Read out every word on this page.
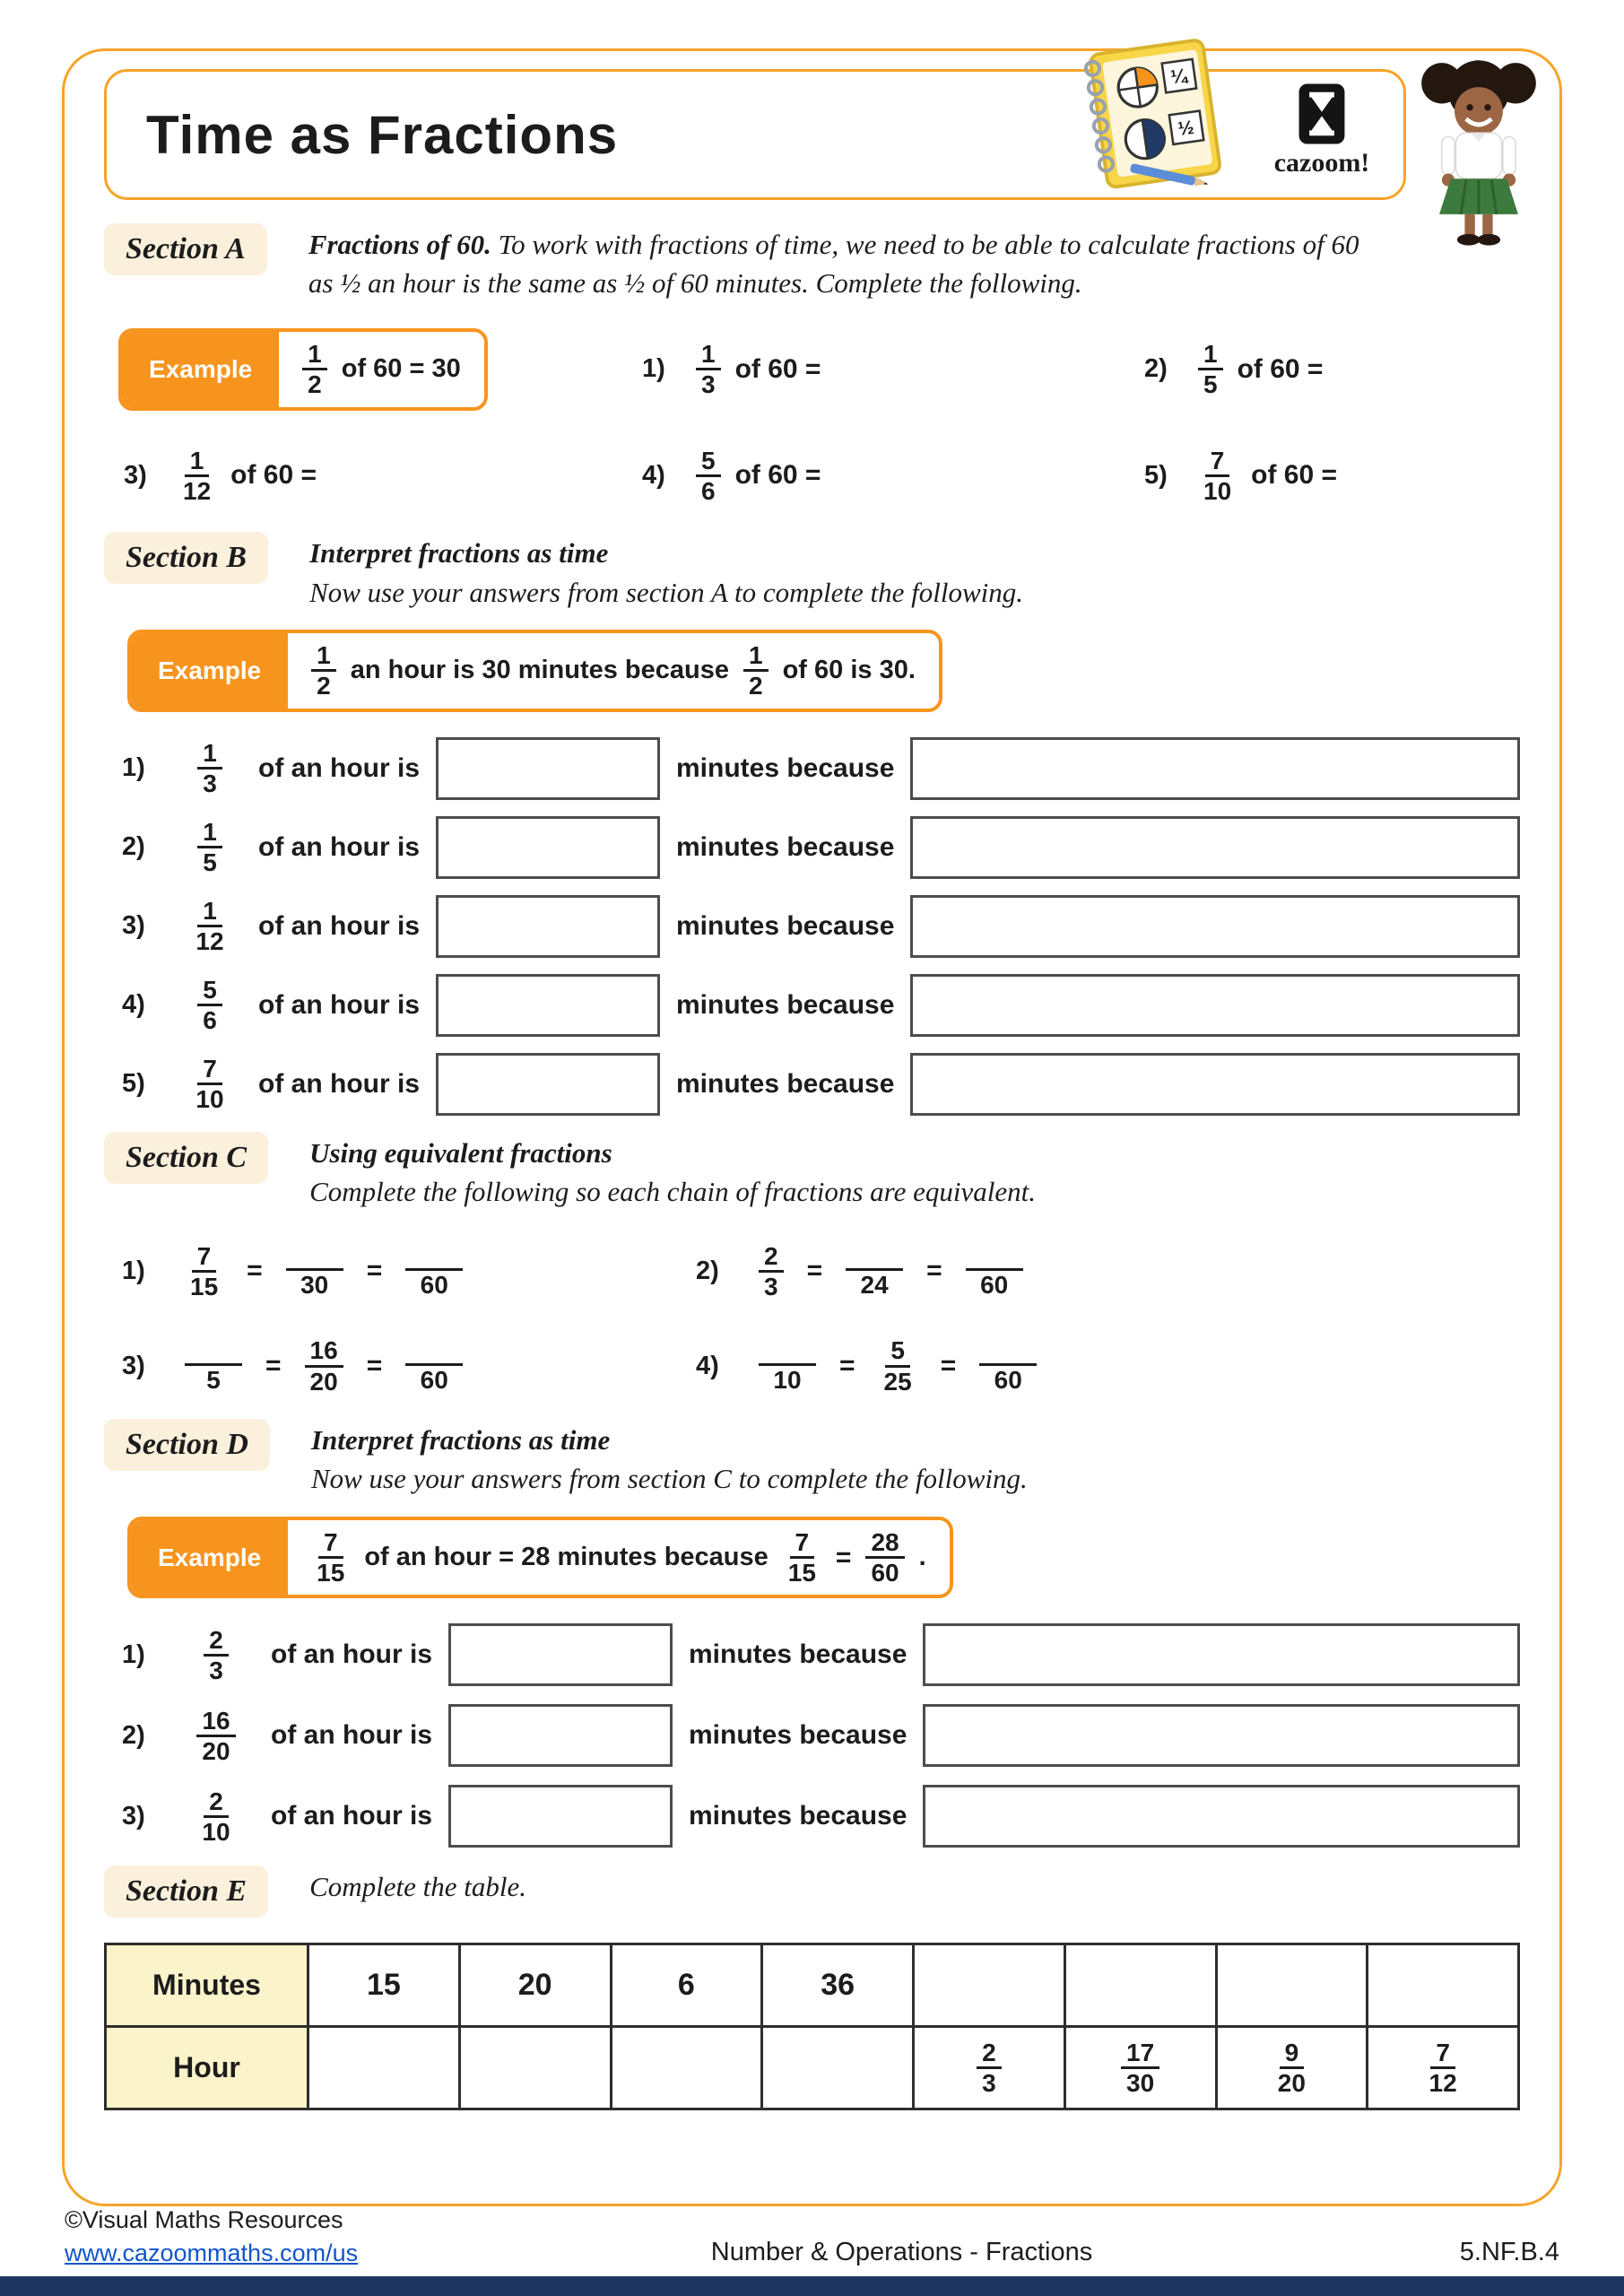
Time as Fractions
¼
½
cazoom!
Section A	Fractions of 60. To work with fractions of time, we need to be able to calculate fractions of 60 as ½ an hour is the same as ½ of 60 minutes. Complete the following.
Example	$\frac{1}{2}$ of 60 = 30	1)	$\frac{1}{3}$ of 60 =	2)	$\frac{1}{5}$ of 60 =
3)	$\frac{1}{12}$ of 60 =	4)	$\frac{5}{6}$ of 60 =	5)	$\frac{7}{10}$ of 60 =
Section B	Interpret fractions as time
Now use your answers from section A to complete the following.
Example	$\frac{1}{2}$ an hour is 30 minutes because $\frac{1}{2}$ of 60 is 30.
1)	$\frac{1}{3}$ of an hour is	minutes because
2)	$\frac{1}{5}$ of an hour is	minutes because
3)	$\frac{1}{12}$ of an hour is	minutes because
4)	$\frac{5}{6}$ of an hour is	minutes because
5)	$\frac{7}{10}$ of an hour is	minutes because
Section C	Using equivalent fractions
Complete the following so each chain of fractions are equivalent.
1)	$\frac{7}{15} = 30 = 60$	2)	$\frac{2}{3} = 24 = 60$
3)	$5 = \frac{16}{20} = 60$	4)	$10 = \frac{5}{25} = 60$
Section D	Interpret fractions as time
Now use your answers from section C to complete the following.
Example	$\frac{7}{15}$ of an hour = 28 minutes because $\frac{7}{15} = \frac{28}{60}$ .
1)	$\frac{2}{3}$ of an hour is	minutes because
2)	$\frac{16}{20}$ of an hour is	minutes because
3)	$\frac{2}{10}$ of an hour is	minutes because
Section E	Complete the table.
Minutes	15	20	6	36				
Hour					$\frac{2}{3}$	$\frac{17}{30}$	$\frac{9}{20}$	$\frac{7}{12}$
©Visual Maths Resources
www.cazoommaths.com/us	Number & Operations - Fractions	5.NF.B.4
